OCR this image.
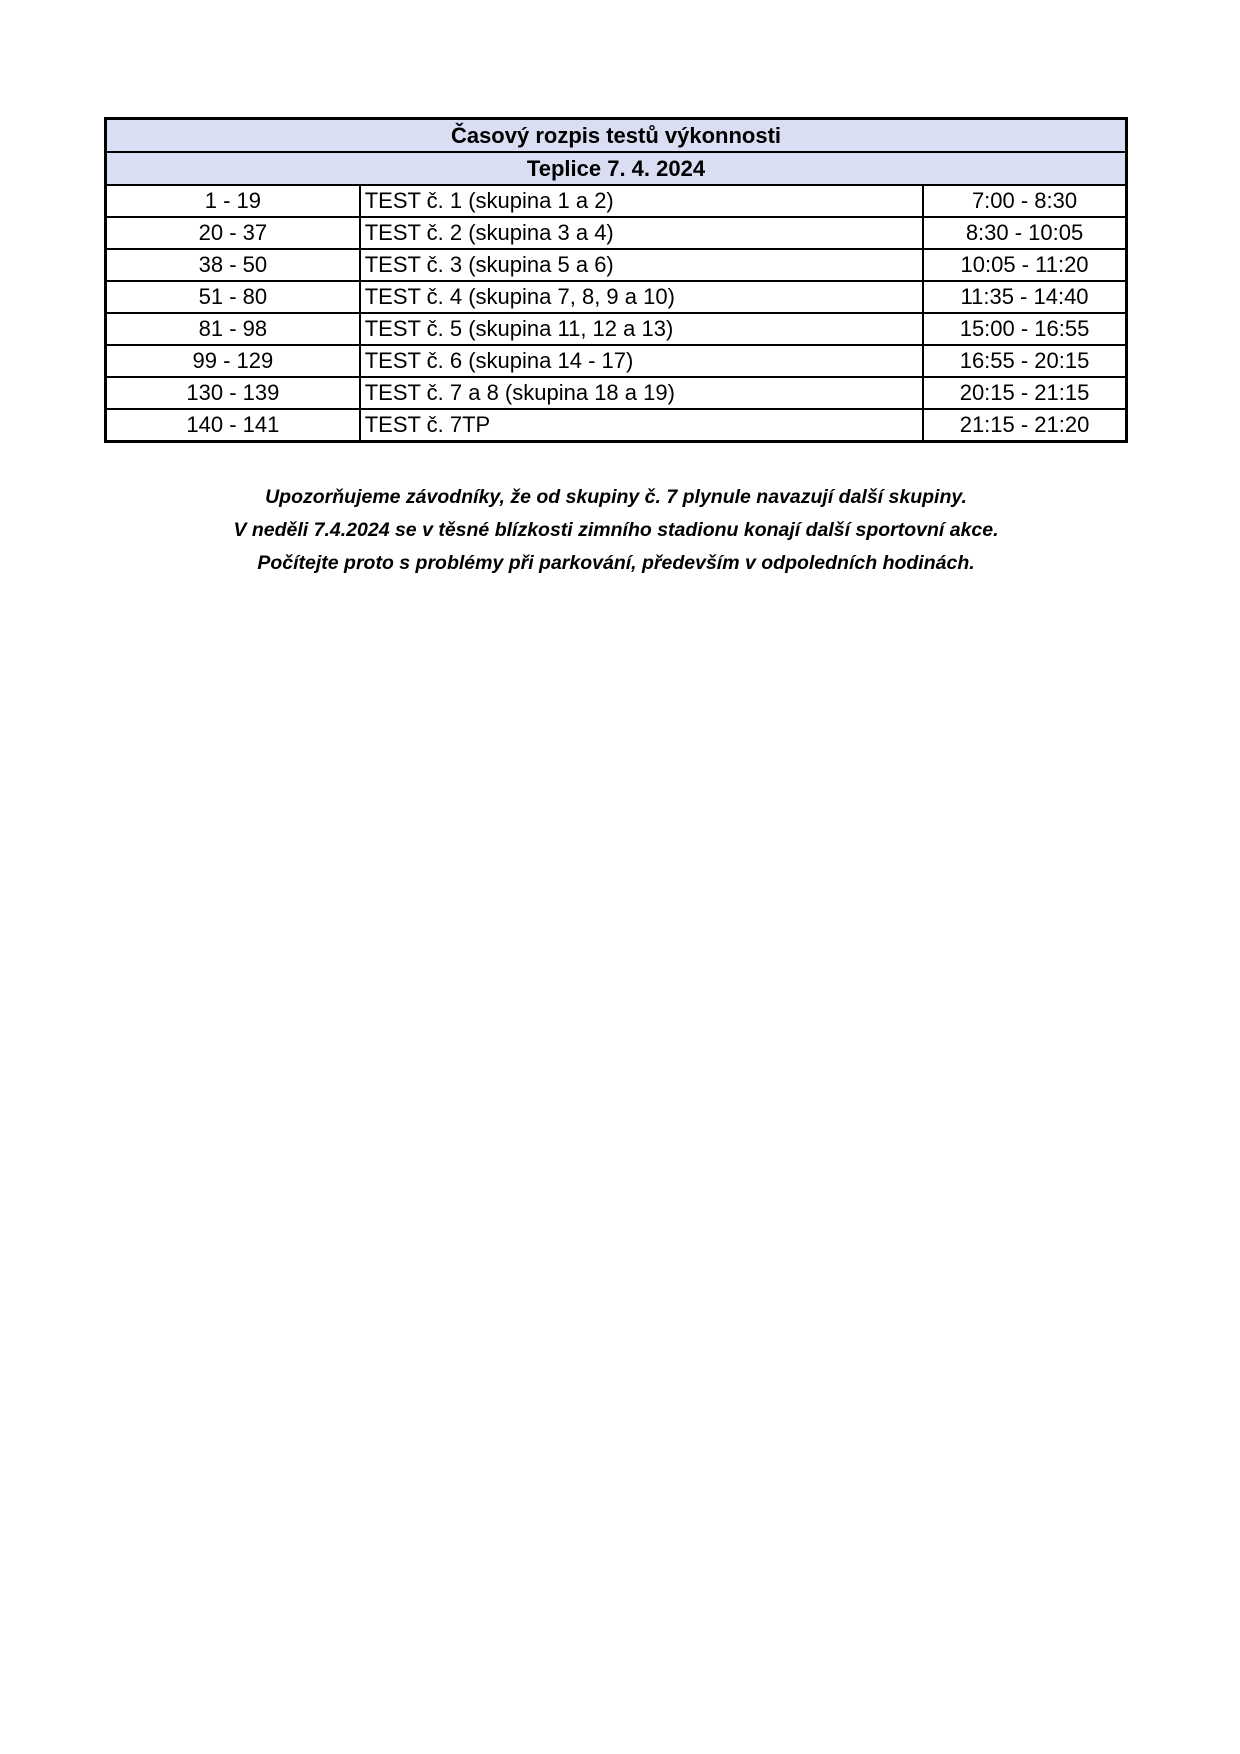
Časový rozpis testů výkonnosti		
Teplice 7. 4. 2024		
1 - 19	TEST č. 1 (skupina 1 a 2)	7:00 - 8:30
20 - 37	TEST č. 2 (skupina 3 a 4)	8:30 - 10:05
38 - 50	TEST č. 3 (skupina 5 a 6)	10:05 - 11:20
51 - 80	TEST č. 4 (skupina 7, 8, 9 a 10)	11:35 - 14:40
81 - 98	TEST č. 5 (skupina 11, 12 a 13)	15:00 - 16:55
99 - 129	TEST č. 6 (skupina 14 - 17)	16:55 - 20:15
130 - 139	TEST č. 7 a 8 (skupina 18 a 19)	20:15 - 21:15
140 - 141	TEST č. 7TP	21:15 - 21:20

Upozorňujeme závodníky, že od skupiny č. 7 plynule navazují další skupiny.

V neděli 7.4.2024 se v těsné blízkosti zimního stadionu konají další sportovní akce.

Počítejte proto s problémy při parkování, především v odpoledních hodinách.
